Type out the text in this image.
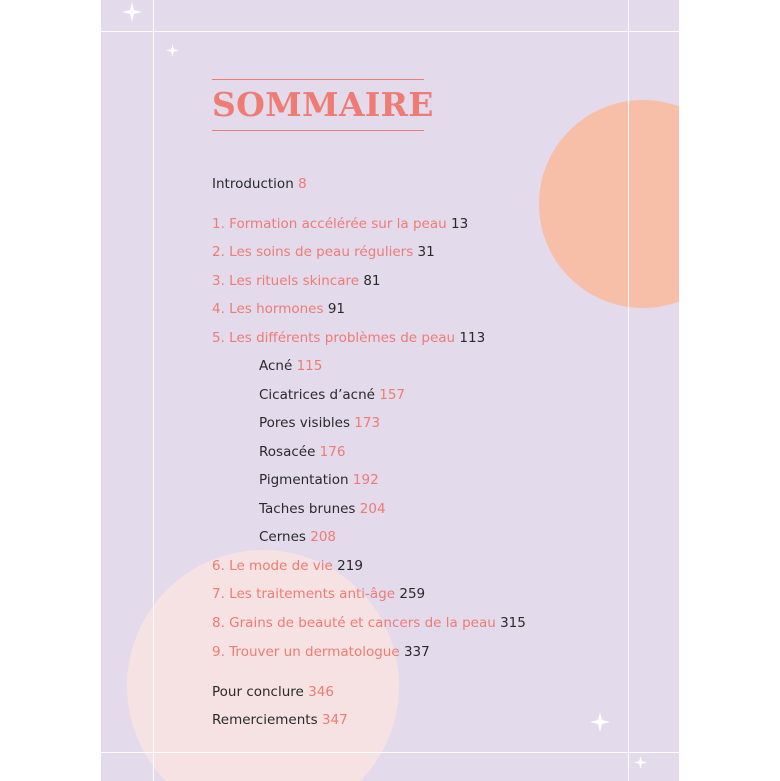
SOMMAIRE
Introduction 8
1. Formation accélérée sur la peau 13
2. Les soins de peau réguliers 31
3. Les rituels skincare 81
4. Les hormones 91
5. Les différents problèmes de peau 113
Acné 115
Cicatrices d’acné 157
Pores visibles 173
Rosacée 176
Pigmentation 192
Taches brunes 204
Cernes 208
6. Le mode de vie 219
7. Les traitements anti-âge 259
8. Grains de beauté et cancers de la peau 315
9. Trouver un dermatologue 337
Pour conclure 346
Remerciements 347
